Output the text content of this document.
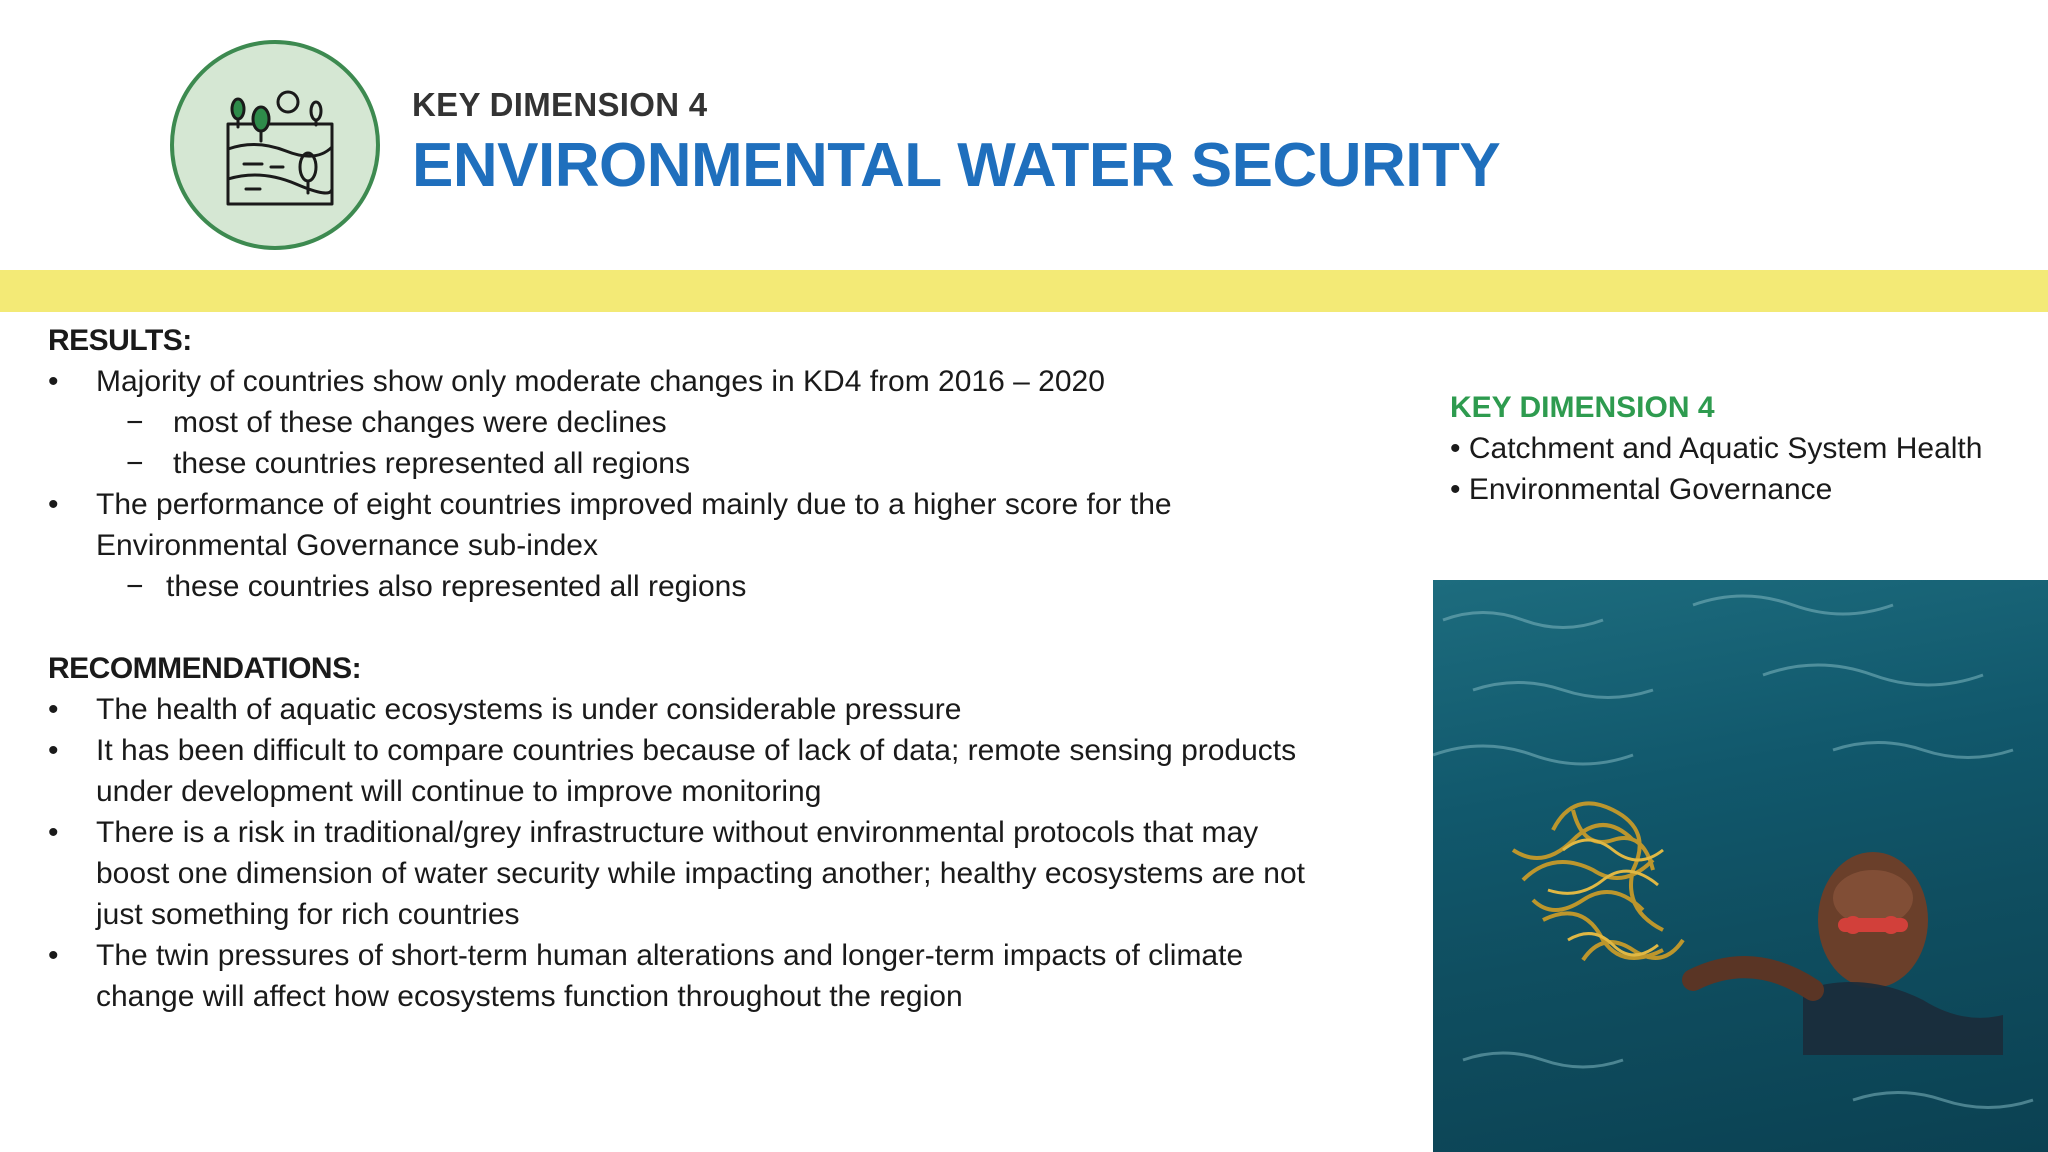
KEY DIMENSION 4
ENVIRONMENTAL WATER SECURITY
RESULTS:
• Majority of countries show only moderate changes in KD4 from 2016 – 2020
− most of these changes were declines
− these countries represented all regions
• The performance of eight countries improved mainly due to a higher score for the
Environmental Governance sub-index
− these countries also represented all regions
RECOMMENDATIONS:
• The health of aquatic ecosystems is under considerable pressure
• It has been difficult to compare countries because of lack of data; remote sensing products
under development will continue to improve monitoring
• There is a risk in traditional/grey infrastructure without environmental protocols that may
boost one dimension of water security while impacting another; healthy ecosystems are not
just something for rich countries
• The twin pressures of short-term human alterations and longer-term impacts of climate
change will affect how ecosystems function throughout the region
KEY DIMENSION 4
• Catchment and Aquatic System Health
• Environmental Governance
